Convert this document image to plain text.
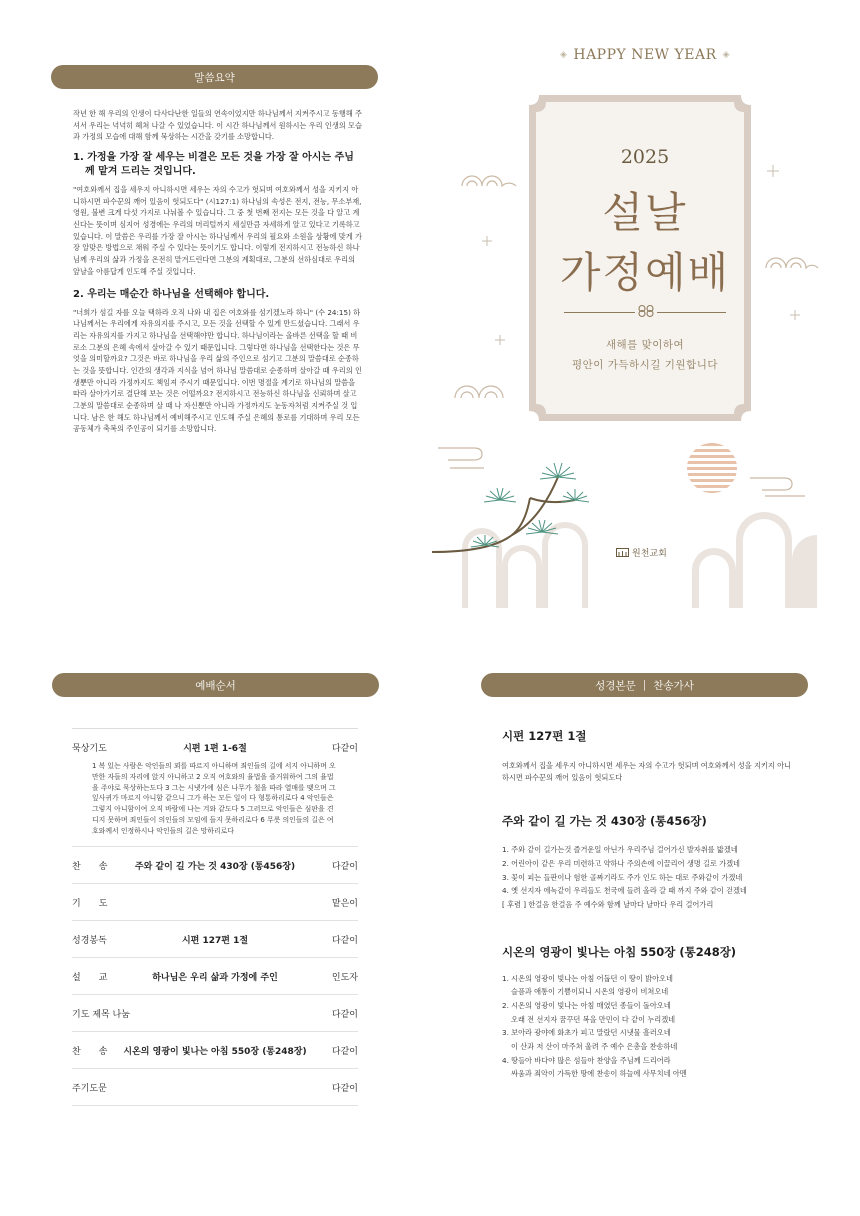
말씀요약

작년 한 해 우리의 인생이 다사다난한 일들의 연속이었지만 하나님께서 지켜주시고 동행해 주셔서 우리는 넉넉히 헤쳐 나갈 수 있었습니다. 이 시간 하나님께서 원하시는 우리 인생의 모습과 가정의 모습에 대해 함께 묵상하는 시간을 갖기를 소망합니다.

1. 가정을 가장 잘 세우는 비결은 모든 것을 가장 잘 아시는 주님께 맡겨 드리는 것입니다.

"여호와께서 집을 세우지 아니하시면 세우는 자의 수고가 헛되며 여호와께서 성을 지키지 아니하시면 파수꾼의 깨어 있음이 헛되도다" (시127:1) 하나님의 속성은 전지, 전능, 무소부재, 영원, 불변 크게 다섯 가지로 나눠볼 수 있습니다. 그 중 첫 번째 전지는 모든 것을 다 알고 계신다는 뜻이며 심지어 성경에는 우리의 머리털까지 세실만큼 자세하게 알고 있다고 기록하고 있습니다. 이 말씀은 우리를 가장 잘 아시는 하나님께서 우리의 필요와 소원을 상황에 맞게 가장 알맞은 방법으로 채워 주실 수 있다는 뜻이기도 합니다. 이렇게 전지하시고 전능하신 하나님께 우리의 삶과 가정을 온전히 맡겨드린다면 그분의 계획대로, 그분의 선하심대로 우리의 앞날을 아름답게 인도해 주실 것입니다.

2. 우리는 매순간 하나님을 선택해야 합니다.

"너희가 섬길 자를 오늘 택하라 오직 나와 내 집은 여호와를 섬기겠노라 하니" (수 24:15) 하나님께서는 우리에게 자유의지를 주시고, 모든 것을 선택할 수 있게 만드셨습니다. 그래서 우리는 자유의지를 가지고 하나님을 선택해야만 합니다. 하나님이라는 올바른 선택을 할 때 비로소 그분의 은혜 속에서 살아갈 수 있기 때문입니다. 그렇다면 하나님을 선택한다는 것은 무엇을 의미할까요? 그것은 바로 하나님을 우리 삶의 주인으로 섬기고 그분의 말씀대로 순종하는 것을 뜻합니다. 인간의 생각과 지식을 넘어 하나님 말씀대로 순종하며 살아갈 때 우리의 인생뿐만 아니라 가정까지도 책임져 주시기 때문입니다. 이번 명절을 계기로 하나님의 말씀을 따라 살아가기로 결단해 보는 것은 어떨까요? 전지하시고 전능하신 하나님을 신뢰하며 살고 그분의 말씀대로 순종하며 살 때 나 자신뿐만 아니라 가정까지도 눈동자처럼 지켜주실 것 입니다. 남은 한 해도 하나님께서 예비해주시고 인도해 주실 은혜의 통로를 기대하며 우리 모든 공동체가 축복의 주인공이 되기를 소망합니다.

◈ HAPPY NEW YEAR ◈
2025
설날
가정예배
새해를 맞이하여
평안이 가득하시길 기원합니다
원천교회
예배순서
묵상기도	시편 1편 1-6절	다같이
1 복 있는 사람은 악인들의 꾀를 따르지 아니하며 죄인들의 길에 서지 아니하며 오만한 자들의 자리에 앉지 아니하고 2 오직 여호와의 율법을 즐거워하여 그의 율법을 주야로 묵상하는도다 3 그는 시냇가에 심은 나무가 철을 따라 열매를 맺으며 그 잎사귀가 마르지 아니함 같으니 그가 하는 모든 일이 다 형통하리로다 4 악인들은 그렇지 아니함이여 오직 바람에 나는 겨와 같도다 5 그러므로 악인들은 심판을 견디지 못하며 죄인들이 의인들의 모임에 들지 못하리로다 6 무릇 의인들의 길은 여호와께서 인정하시나 악인들의 길은 망하리로다
찬　　송	주와 같이 길 가는 것 430장 (통456장)	다같이
기　　도	맡은이
성경봉독	시편 127편 1절	다같이
설　　교	하나님은 우리 삶과 가정에 주인	인도자
기도 제목 나눔	다같이
찬　　송	시온의 영광이 빛나는 아침 550장 (통248장)	다같이
주기도문	다같이
성경본문 | 찬송가사
시편 127편 1절
여호와께서 집을 세우지 아니하시면 세우는 자의 수고가 헛되며 여호와께서 성을 지키지 아니하시면 파수꾼의 깨어 있음이 헛되도다
주와 같이 길 가는 것 430장 (통456장)
1. 주와 같이 길가는것 즐거운일 아닌가 우리주님 걸어가신 발자취를 밟겠네
2. 어린아이 같은 우리 미련하고 약하나 주의손에 이끌리어 생명 길로 가겠네
3. 꽃이 피는 들판이나 험한 골짜기라도 주가 인도 하는 대로 주와같이 가겠네
4. 옛 선지자 에녹같이 우리들도 천국에 들려 올라 갈 때 까지 주와 같이 걷겠네
[ 후렴 ] 한걸음 한걸음 주 예수와 함께 날마다 날마다 우리 걸어가리
시온의 영광이 빛나는 아침 550장 (통248장)
1. 시온의 영광이 빛나는 아침 어둡던 이 땅이 밝아오네
슬픔과 애통이 기쁨이되니 시온의 영광이 비쳐오네
2. 시온의 영광이 빛나는 아침 매였던 종들이 돌아오네
오래 전 선지자 꿈꾸던 복을 만민이 다 같이 누리겠네
3. 보아라 광야에 화초가 피고 말랐던 시냇물 흘러오네
이 산과 저 산이 마주쳐 울려 주 예수 은총을 찬송하네
4. 땅들아 바다야 많은 섬들아 찬양을 주님께 드리어라
싸움과 죄악이 가득한 땅에 찬송이 하늘에 사무치네 아멘
